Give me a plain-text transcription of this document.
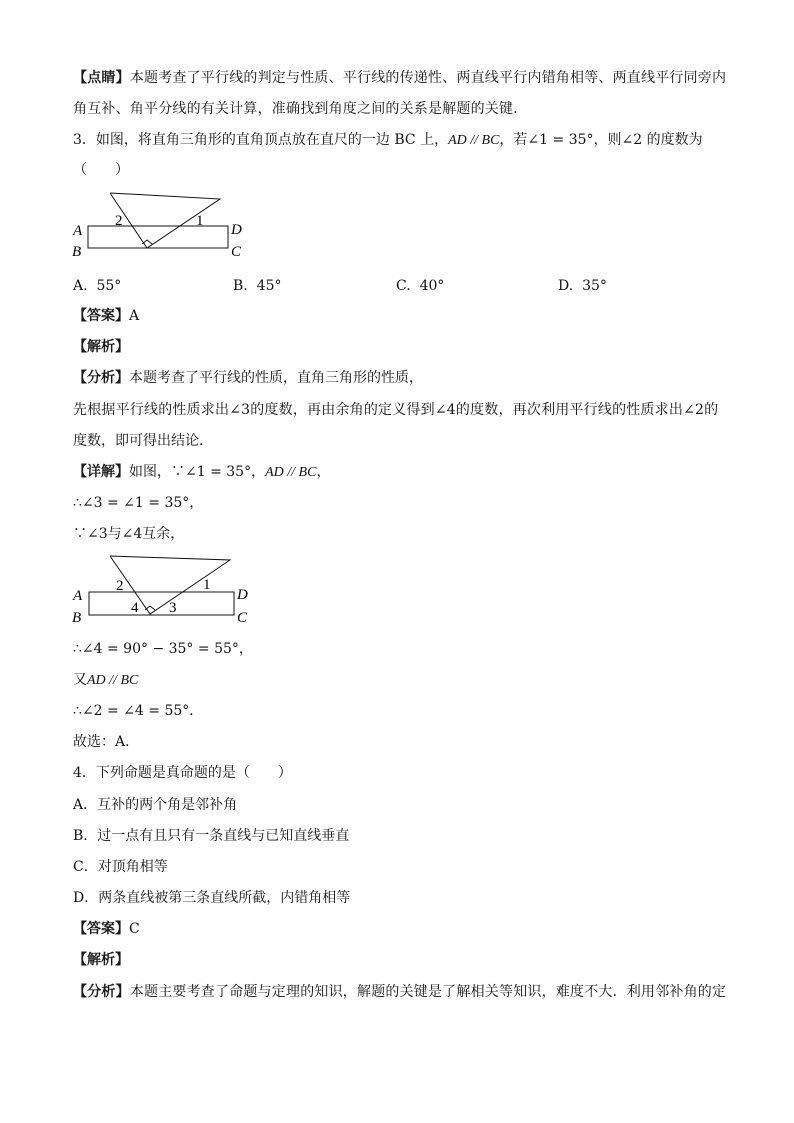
【点睛】本题考查了平行线的判定与性质、平行线的传递性、两直线平行内错角相等、两直线平行同旁内
角互补、角平分线的有关计算，准确找到角度之间的关系是解题的关键．
3．如图，将直角三角形的直角顶点放在直尺的一边 BC 上，AD // BC，若∠1 = 35°，则∠2 的度数为
（　　）
2	1
A
B
D
C
A. 55°	B. 45°	C. 40°	D. 35°
【答案】A
【解析】
【分析】本题考查了平行线的性质，直角三角形的性质，
先根据平行线的性质求出∠3的度数，再由余角的定义得到∠4的度数，再次利用平行线的性质求出∠2的
度数，即可得出结论．
【详解】如图，∵∠1 = 35°，AD // BC，
∴∠3 = ∠1 = 35°，
∵∠3与∠4互余，
2	1
4 3
A
B
D
C
∴∠4 = 90° − 35° = 55°，
又AD // BC
∴∠2 = ∠4 = 55°．
故选：A．
4．下列命题是真命题的是（　　）
A．互补的两个角是邻补角
B．过一点有且只有一条直线与已知直线垂直
C．对顶角相等
D．两条直线被第三条直线所截，内错角相等
【答案】C
【解析】
【分析】本题主要考查了命题与定理的知识，解题的关键是了解相关等知识，难度不大．利用邻补角的定
